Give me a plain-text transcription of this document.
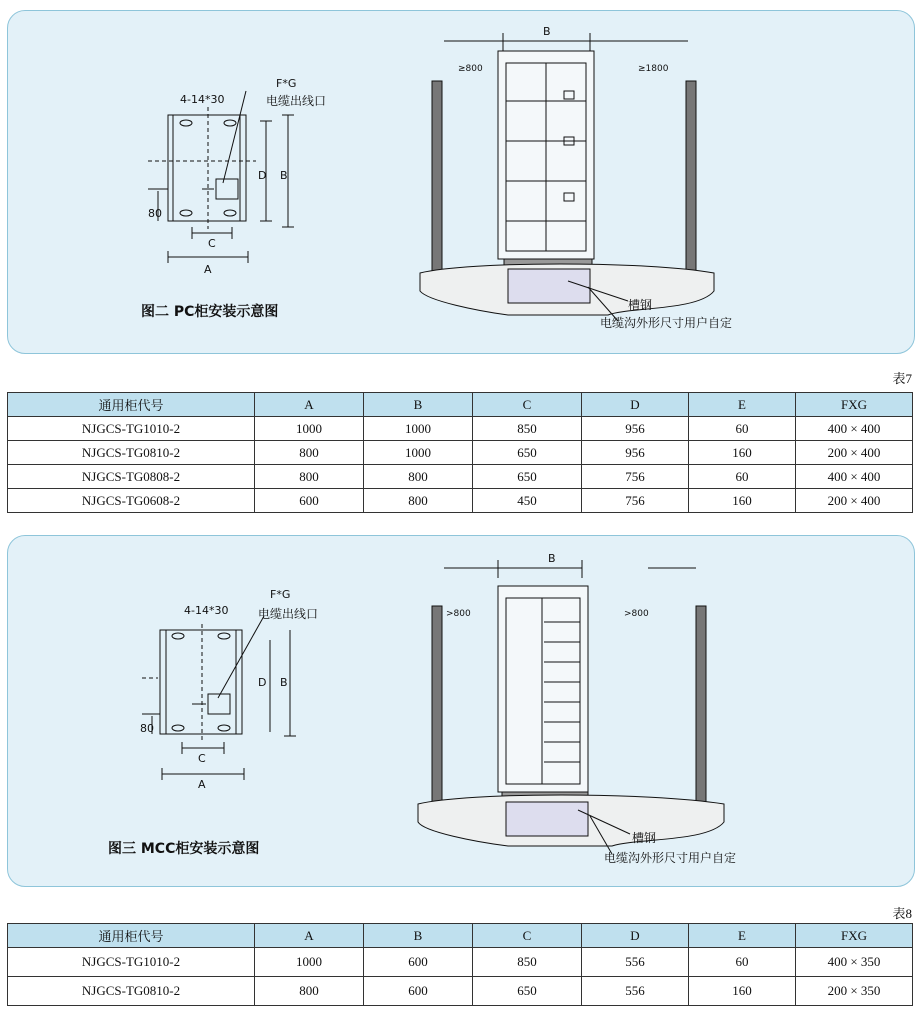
4-14*30
F*G
电缆出线口
D B
C
A
80
B
≥800	≥1800
槽钢
电缆沟外形尺寸用户自定
图二 PC柜安装示意图
表7
通用柜代号	A	B	C	D	E	FXG
NJGCS-TG1010-2	1000	1000	850	956	60	400 × 400
NJGCS-TG0810-2	800	1000	650	956	160	200 × 400
NJGCS-TG0808-2	800	800	650	756	60	400 × 400
NJGCS-TG0608-2	600	800	450	756	160	200 × 400
4-14*30
F*G
电缆出线口
D B
C
A
80
B
>800	>800
槽钢
电缆沟外形尺寸用户自定
图三 MCC柜安装示意图
表8
通用柜代号	A	B	C	D	E	FXG
NJGCS-TG1010-2	1000	600	850	556	60	400 × 350
NJGCS-TG0810-2	800	600	650	556	160	200 × 350
